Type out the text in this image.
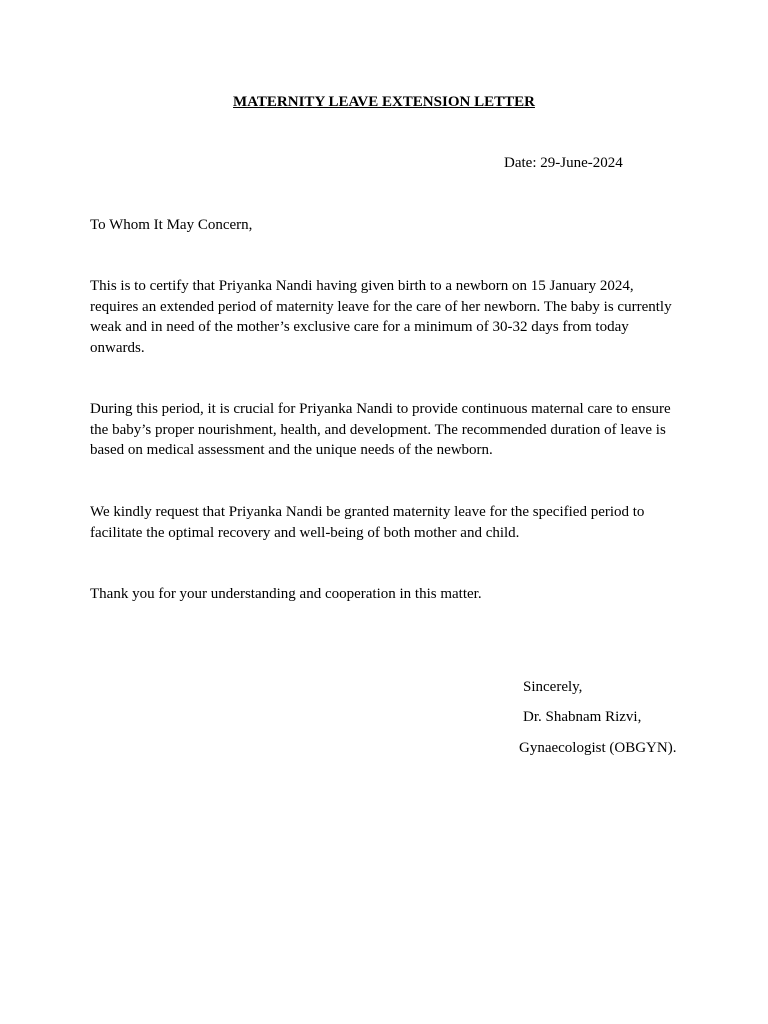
MATERNITY LEAVE EXTENSION LETTER
Date: 29-June-2024
To Whom It May Concern,

This is to certify that Priyanka Nandi having given birth to a newborn on 15 January 2024,
requires an extended period of maternity leave for the care of her newborn. The baby is currently
weak and in need of the mother’s exclusive care for a minimum of 30-32 days from today
onwards.

During this period, it is crucial for Priyanka Nandi to provide continuous maternal care to ensure
the baby’s proper nourishment, health, and development. The recommended duration of leave is
based on medical assessment and the unique needs of the newborn.

We kindly request that Priyanka Nandi be granted maternity leave for the specified period to
facilitate the optimal recovery and well-being of both mother and child.

Thank you for your understanding and cooperation in this matter.

Sincerely,
Dr. Shabnam Rizvi,
Gynaecologist (OBGYN).
